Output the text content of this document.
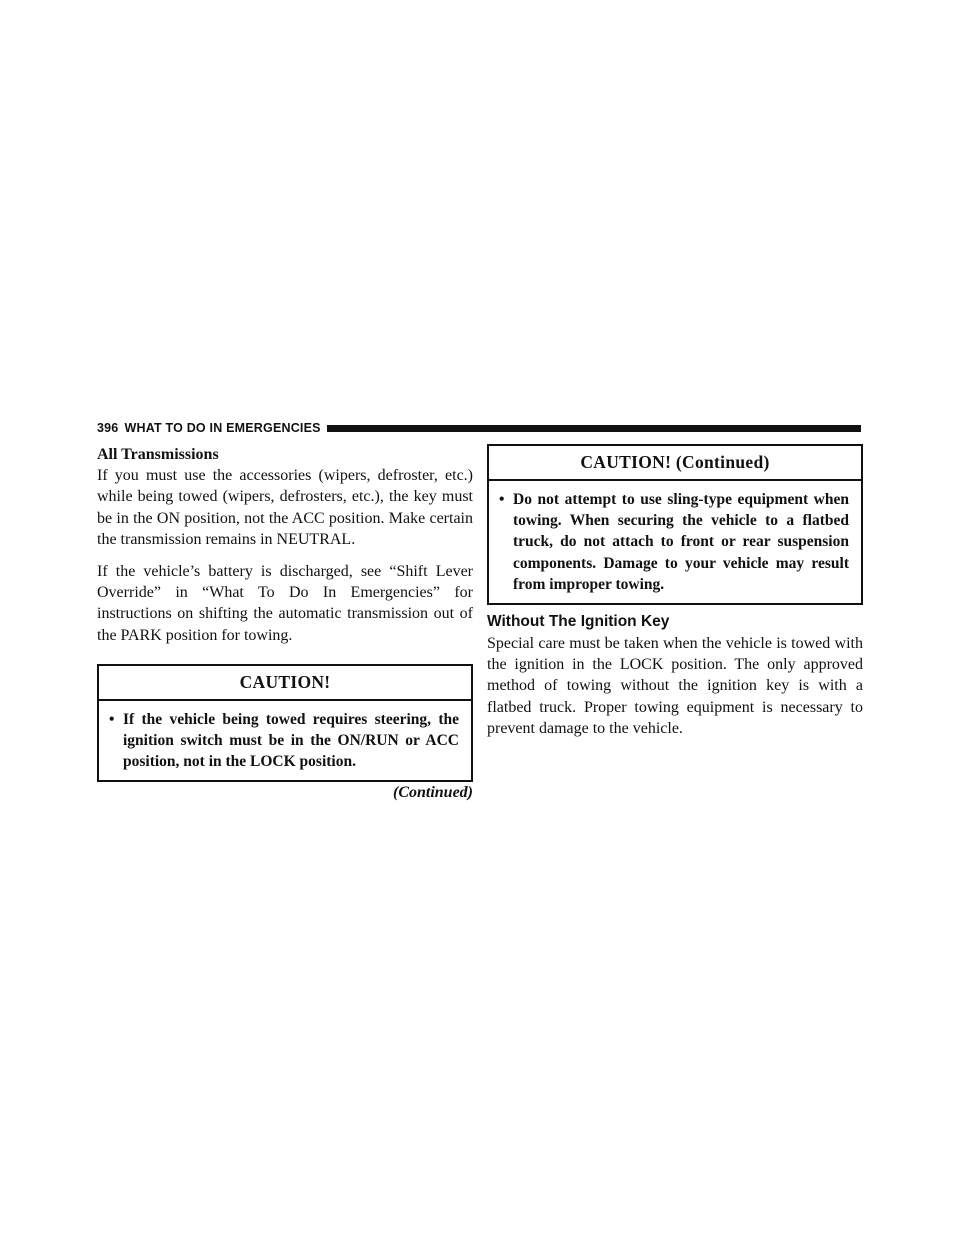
396 WHAT TO DO IN EMERGENCIES
All Transmissions

If you must use the accessories (wipers, defroster, etc.) while being towed (wipers, defrosters, etc.), the key must be in the ON position, not the ACC position. Make certain the transmission remains in NEUTRAL.

If the vehicle’s battery is discharged, see “Shift Lever Override” in “What To Do In Emergencies” for instructions on shifting the automatic transmission out of the PARK position for towing.

CAUTION!
• If the vehicle being towed requires steering, the ignition switch must be in the ON/RUN or ACC position, not in the LOCK position.
(Continued)
CAUTION! (Continued)
• Do not attempt to use sling-type equipment when towing. When securing the vehicle to a flatbed truck, do not attach to front or rear suspension components. Damage to your vehicle may result from improper towing.
Without The Ignition Key

Special care must be taken when the vehicle is towed with the ignition in the LOCK position. The only approved method of towing without the ignition key is with a flatbed truck. Proper towing equipment is necessary to prevent damage to the vehicle.
